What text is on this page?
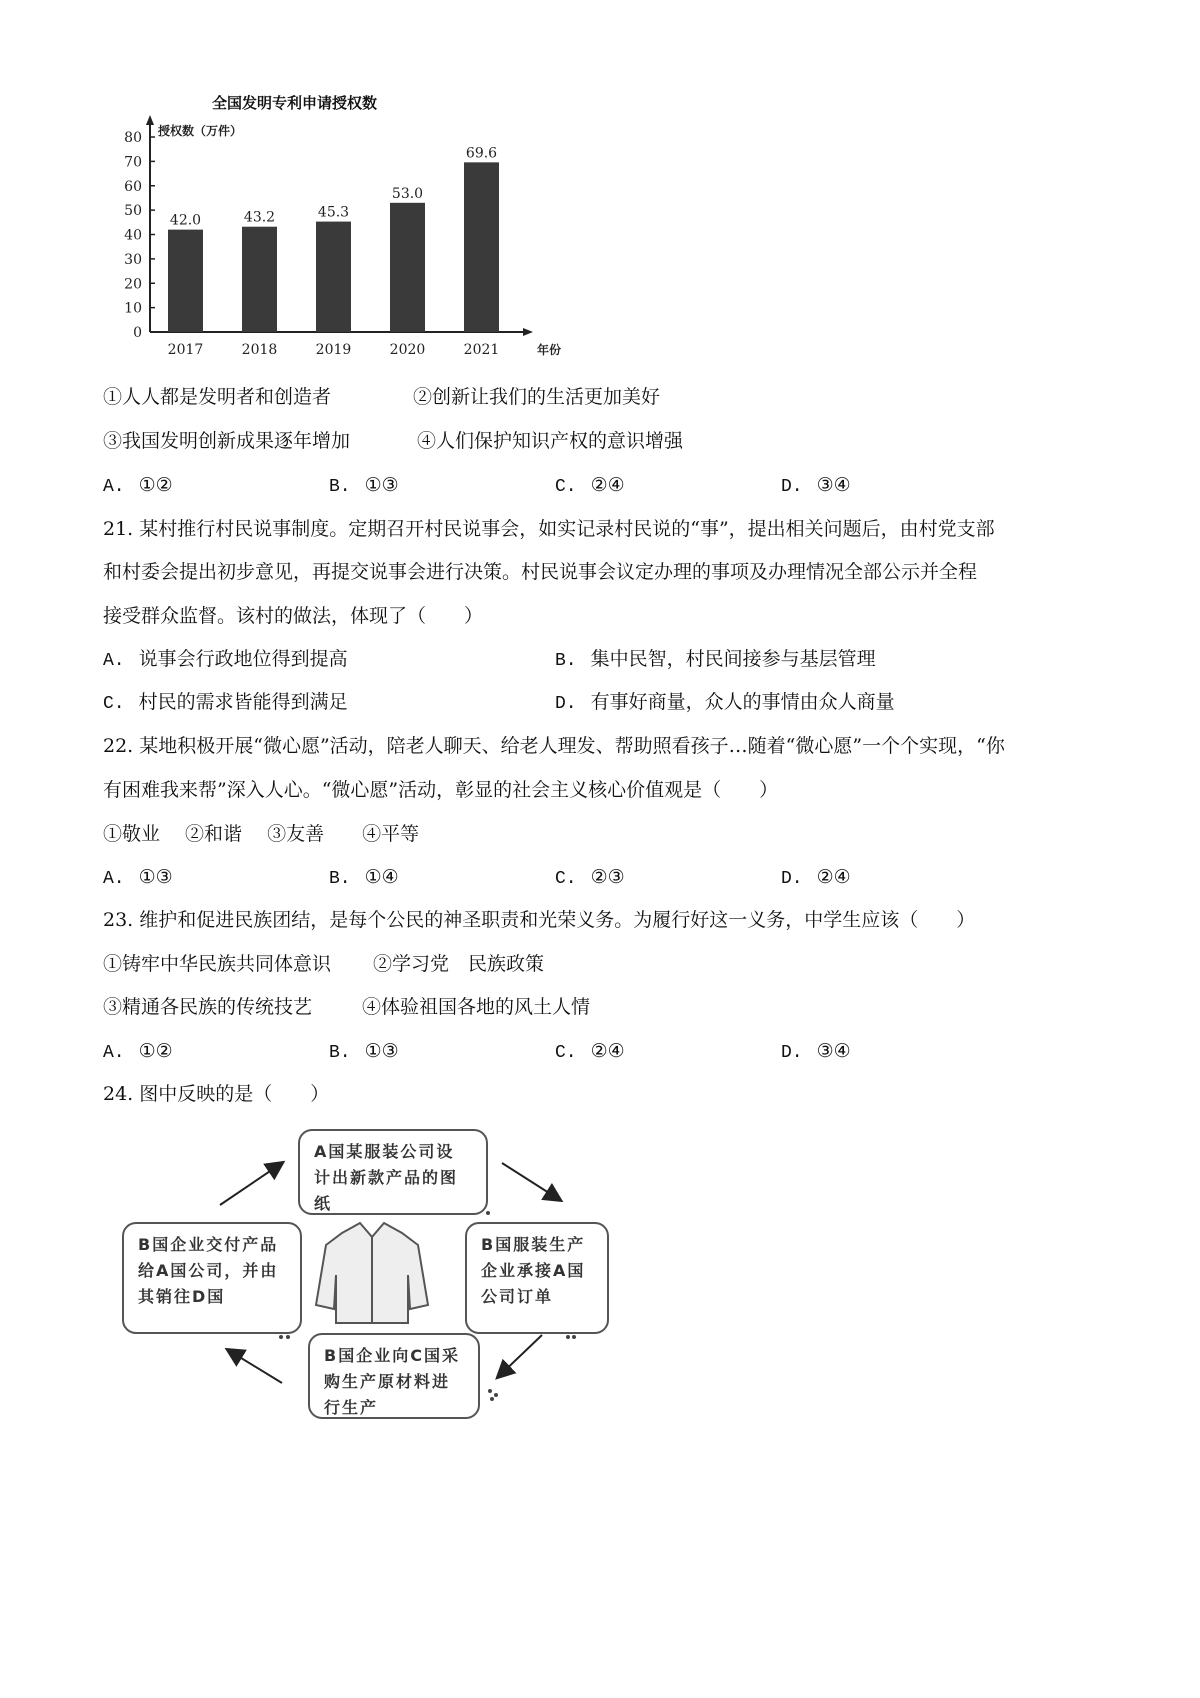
全国发明专利申请授权数
0
10
20
30
40
50
60
70
80 授权数（万件）
42.0
2017
43.2
2018
45.3
2019
53.0
2020
69.6
2021	年份
①人人都是发明者和创造者	②创新让我们的生活更加美好
③我国发明创新成果逐年增加	④人们保护知识产权的意识增强
A. ①②	B. ①③	C. ②④	D. ③④
21. 某村推行村民说事制度。定期召开村民说事会，如实记录村民说的“事”，提出相关问题后，由村党支部
和村委会提出初步意见，再提交说事会进行决策。村民说事会议定办理的事项及办理情况全部公示并全程
接受群众监督。该村的做法，体现了（　　）
A. 说事会行政地位得到提高	B. 集中民智，村民间接参与基层管理
C. 村民的需求皆能得到满足	D. 有事好商量，众人的事情由众人商量
22. 某地积极开展“微心愿”活动，陪老人聊天、给老人理发、帮助照看孩子…随着“微心愿”一个个实现，“你
有困难我来帮”深入人心。“微心愿”活动，彰显的社会主义核心价值观是（　　）
①敬业　 ②和谐　 ③友善　　④平等
A. ①③	B. ①④	C. ②③	D. ②④
23. 维护和促进民族团结，是每个公民的神圣职责和光荣义务。为履行好这一义务，中学生应该（　　）
①铸牢中华民族共同体意识 ②学习党　民族政策
③精通各民族的传统技艺	④体验祖国各地的风土人情
A. ①②	B. ①③	C. ②④	D. ③④
24. 图中反映的是（　　）
A国某服装公司设计出新款产品的图纸
B国服装生产企业承接A国公司订单
B国企业向C国采购生产原材料进行生产
B国企业交付产品给A国公司，并由其销往D国
